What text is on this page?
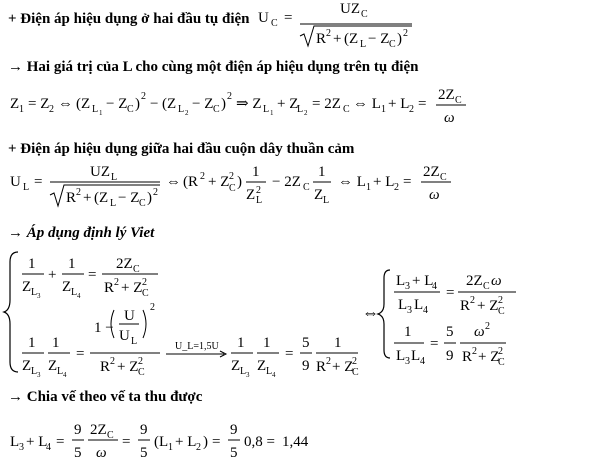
+ Điện áp hiệu dụng ở hai đầu tụ điện
→ Hai giá trị của L cho cùng một điện áp hiệu dụng trên tụ điện
+ Điện áp hiệu dụng giữa hai đầu cuộn dây thuần cảm
→ Áp dụng định lý Viet
→ Chia vế theo vế ta thu được
U C =
UZ C
R 2 + (Z L − Z C ) 2
Z 1 = Z 2 ⇔ (Z L 1
− Z C ) 2 − (Z L 2
− Z C ) 2 ⇒ Z L 1
+ Z
L 2
= 2Z C ⇔ L 1 + L 2 =
2Z C
ω
U L =
UZ L
R 2 + (Z L − Z C ) 2
⇔ (R 2 + Z 2
C )
1
Z 2
L
− 2Z C
1
Z L
⇔ L 1 + L 2 =
2Z C
ω
1
Z L 3
+
1
Z L 4
=
2Z C
R 2 + Z 2
C
1
Z L 3
1
Z L 4
=
1 −
U
U L
2
R 2 + Z 2
C
U_L=1,5U 1
Z L 3
1
Z L 4
=
5
9
1
R 2 + Z
2
C
⇔
L 3 + L
4
L 3 L 4
=
2Z C ω
R 2 + Z 2
C
1
L 3 L 4
=
5
9
ω 2
R 2 + Z
2
C
L 3 + L
4 =
9
5
2Z C
ω
=
9
5
(L 1 + L 2 ) =
9
5
0,8 = 1,44
